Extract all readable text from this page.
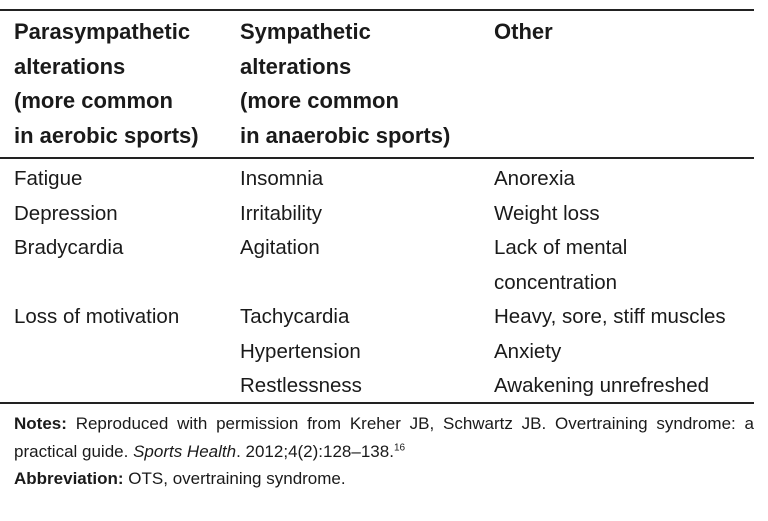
Parasympathetic
alterations
(more common
in aerobic sports)
Sympathetic
alterations
(more common
in anaerobic sports)
Other
Fatigue
Depression
Bradycardia
Loss of motivation
Insomnia
Irritability
Agitation
Tachycardia
Hypertension
Restlessness
Anorexia
Weight loss
Lack of mental
concentration
Heavy, sore, stiff muscles
Anxiety
Awakening unrefreshed

Notes: Reproduced with permission from Kreher JB, Schwartz JB. Overtraining syndrome: a practical guide. Sports Health. 2012;4(2):128–138.16

Abbreviation: OTS, overtraining syndrome.
